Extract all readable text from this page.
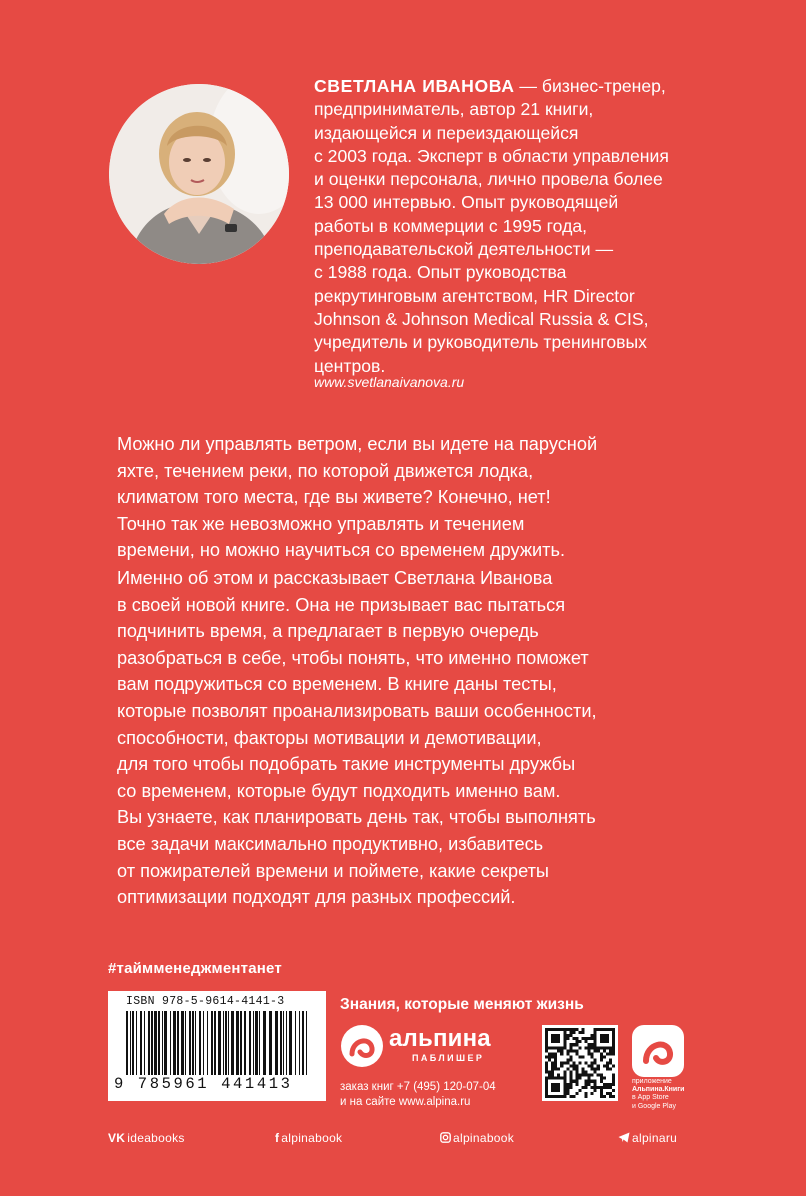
СВЕТЛАНА ИВАНОВА — бизнес-тренер,
предприниматель, автор 21 книги,
издающейся и переиздающейся
с 2003 года. Эксперт в области управления
и оценки персонала, лично провела более
13 000 интервью. Опыт руководящей
работы в коммерции с 1995 года,
преподавательской деятельности —
с 1988 года. Опыт руководства
рекрутинговым агентством, HR Director
Johnson & Johnson Medical Russia & CIS,
учредитель и руководитель тренинговых
центров.

www.svetlanaivanova.ru

Можно ли управлять ветром, если вы идете на парусной
яхте, течением реки, по которой движется лодка,
климатом того места, где вы живете? Конечно, нет!
Точно так же невозможно управлять и течением
времени, но можно научиться со временем дружить.

Именно об этом и рассказывает Светлана Иванова
в своей новой книге. Она не призывает вас пытаться
подчинить время, а предлагает в первую очередь
разобраться в себе, чтобы понять, что именно поможет
вам подружиться со временем. В книге даны тесты,
которые позволят проанализировать ваши особенности,
способности, факторы мотивации и демотивации,
для того чтобы подобрать такие инструменты дружбы
со временем, которые будут подходить именно вам.
Вы узнаете, как планировать день так, чтобы выполнять
все задачи максимально продуктивно, избавитесь
от пожирателей времени и поймете, какие секреты
оптимизации подходят для разных профессий.

#таймменеджментанет
ISBN 978-5-9614-4141-3
9 785961 441413
Знания, которые меняют жизнь
альпина
ПАБЛИШЕР
заказ книг +7 (495) 120-07-04
и на сайте www.alpina.ru
приложение
Альпина.Книги
в App Store
и Google Play
VK ideabooks	f alpinabook	alpinabook	alpinaru
